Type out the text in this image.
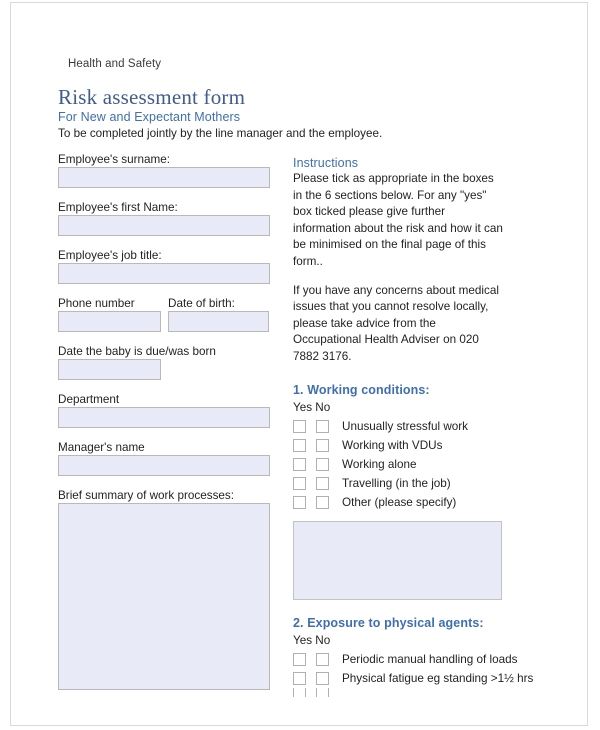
Health and Safety
Risk assessment form
For New and Expectant Mothers
To be completed jointly by the line manager and the employee.
Employee's surname:
Employee's first Name:
Employee's job title:
Phone number	Date of birth:
Date the baby is due/was born
Department
Manager's name
Brief summary of work processes:
Instructions

Please tick as appropriate in the boxes in the 6 sections below. For any "yes" box ticked please give further information about the risk and how it can be minimised on the final page of this form..

If you have any concerns about medical issues that you cannot resolve locally, please take advice from the Occupational Health Adviser on 020 7882 3176.

1. Working conditions:
Yes No
Unusually stressful work
Working with VDUs
Working alone
Travelling (in the job)
Other (please specify)
2. Exposure to physical agents:
Yes No
Periodic manual handling of loads
Physical fatigue eg standing >1½ hrs
